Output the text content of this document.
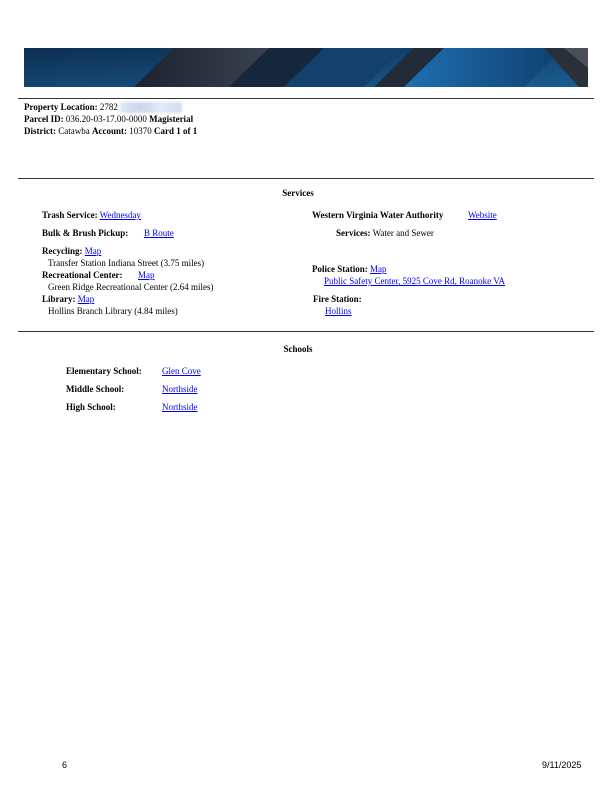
Property Location: 2782
Parcel ID: 036.20-03-17.00-0000 Magisterial
District: Catawba Account: 10370 Card 1 of 1
Services
Trash Service: Wednesday
Bulk & Brush Pickup: B Route
Recycling: Map
Transfer Station Indiana Street (3.75 miles)
Recreational Center: Map
Green Ridge Recreational Center (2.64 miles)
Library: Map
Hollins Branch Library (4.84 miles)
Western Virginia Water Authority	Website
Services: Water and Sewer
Police Station: Map
Public Safety Center, 5925 Cove Rd, Roanoke VA
Fire Station:
Hollins
Schools
Elementary School: Glen Cove
Middle School:	Northside
High School:	Northside
6	9/11/2025
